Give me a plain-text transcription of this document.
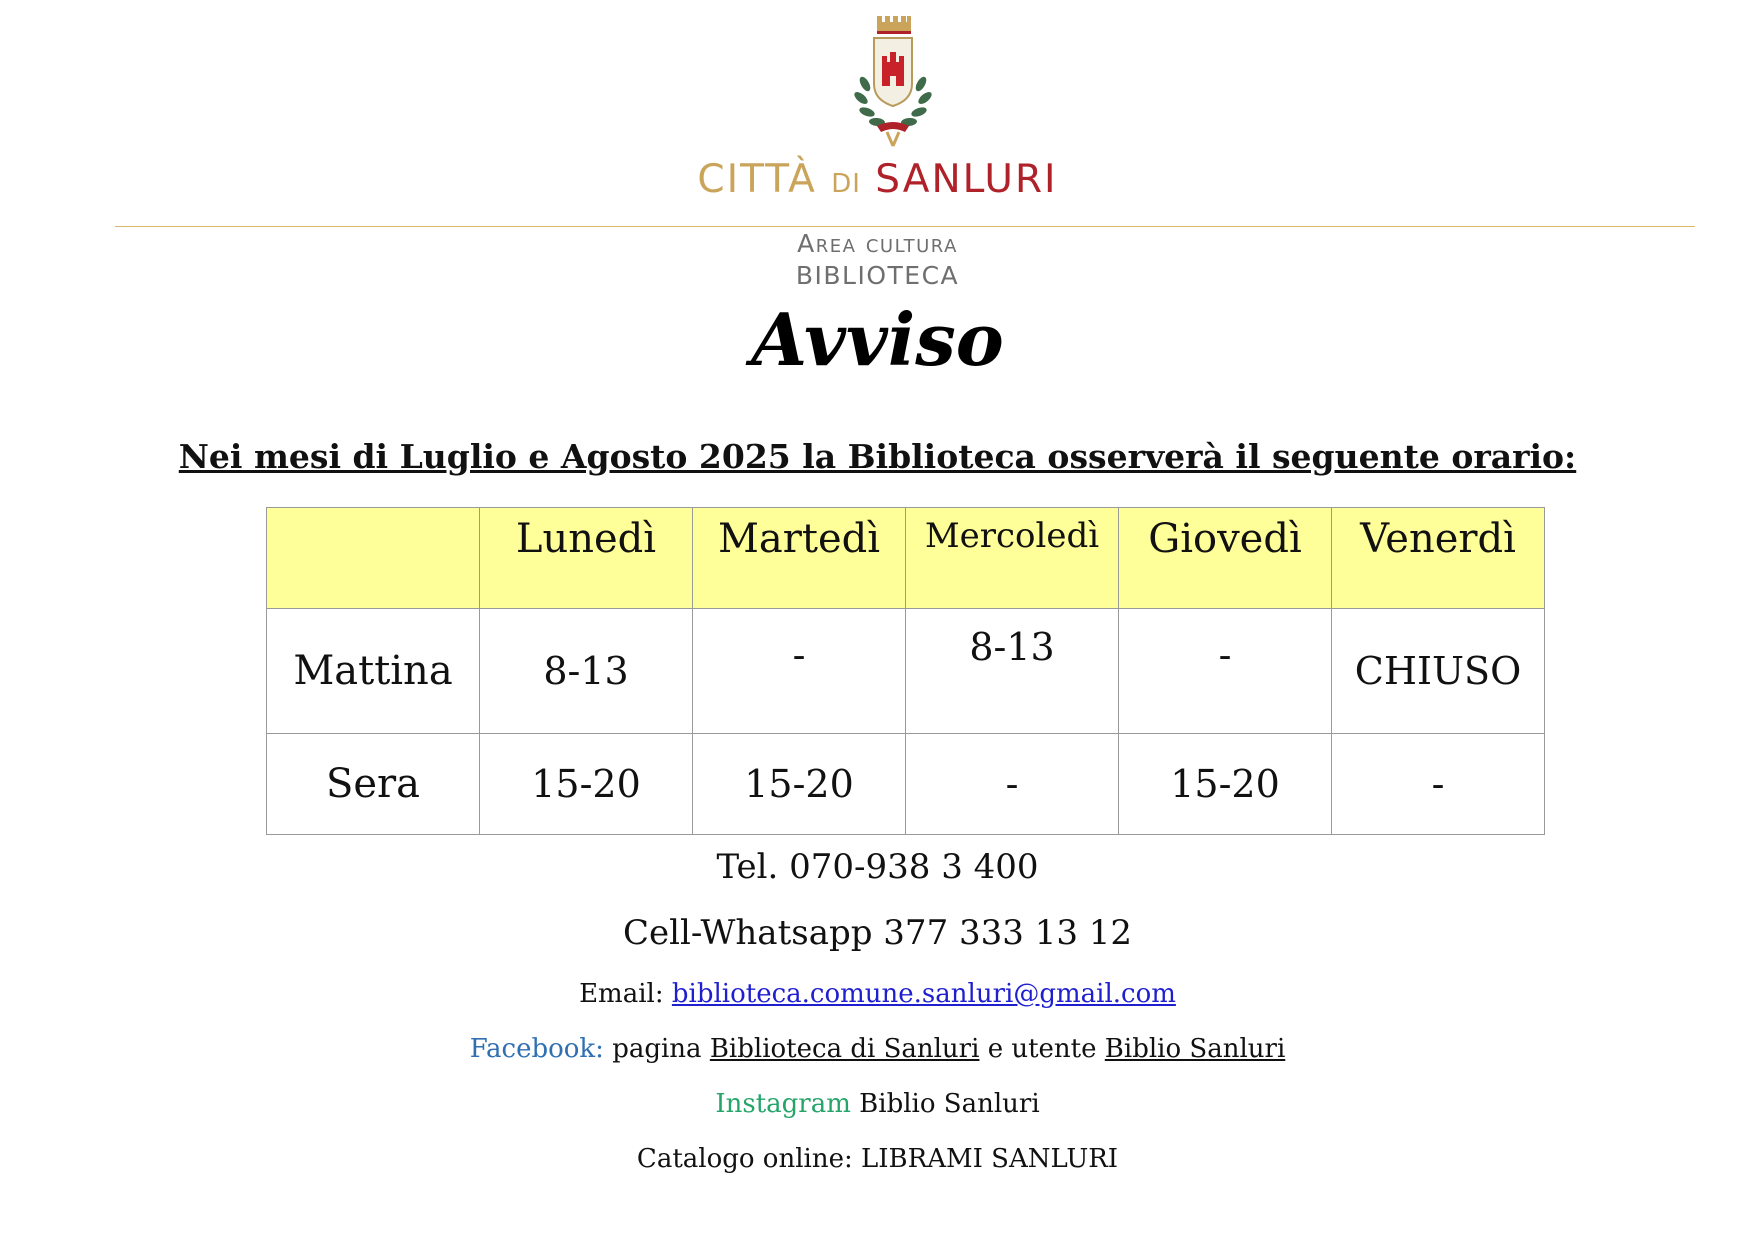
CITTÀ DI SANLURI
Area cultura
BIBLIOTECA
Avviso
Nei mesi di Luglio e Agosto 2025 la Biblioteca osserverà il seguente orario:
	Lunedì	Martedì	Mercoledì	Giovedì	Venerdì
Mattina	8-13	-	8-13	-	CHIUSO
Sera	15-20	15-20	-	15-20	-
Tel. 070-938 3 400
Cell-Whatsapp 377 333 13 12
Email: biblioteca.comune.sanluri@gmail.com
Facebook: pagina Biblioteca di Sanluri e utente Biblio Sanluri
Instagram Biblio Sanluri
Catalogo online: LIBRAMI SANLURI
